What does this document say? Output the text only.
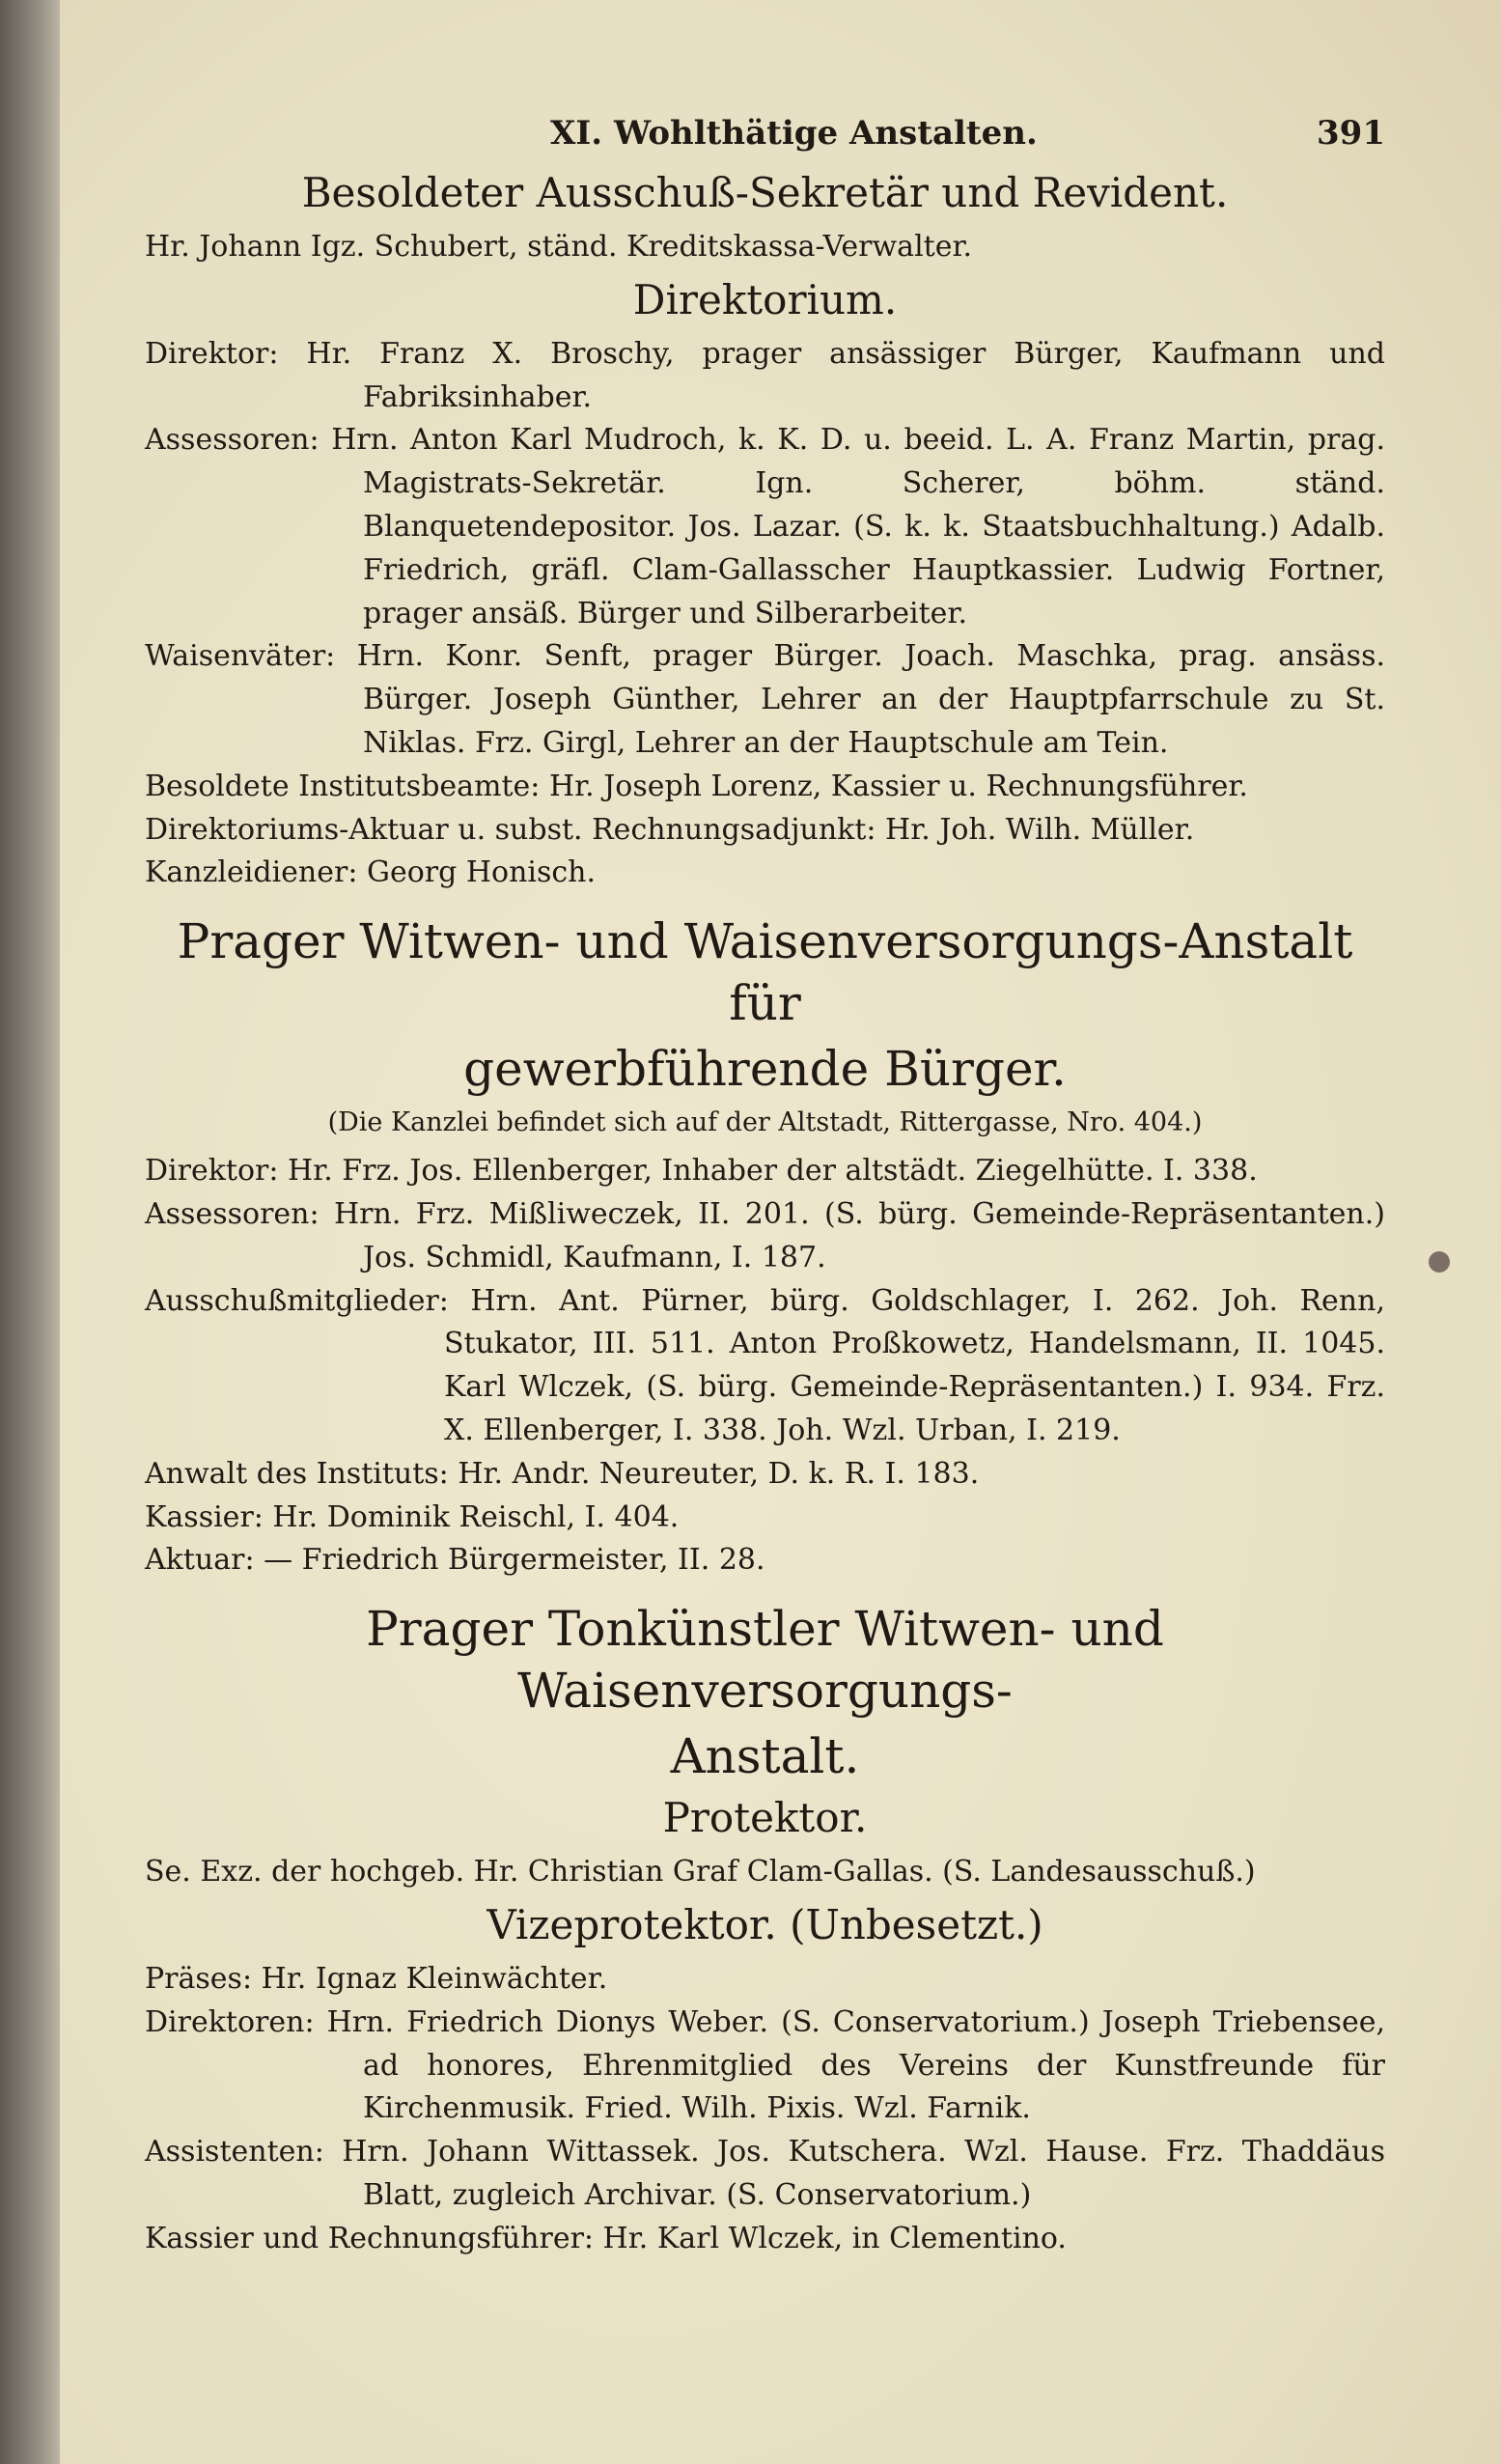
XI. Wohlthätige Anstalten.	391
Besoldeter Ausschuß-Sekretär und Revident.

Hr. Johann Igz. Schubert, ständ. Kreditskassa-Verwalter.

Direktorium.

Direktor: Hr. Franz X. Broschy, prager ansässiger Bürger, Kaufmann und Fabriksinhaber.

Assessoren: Hrn. Anton Karl Mudroch, k. K. D. u. beeid. L. A. Franz Martin, prag. Magistrats-Sekretär. Ign. Scherer, böhm. ständ. Blanquetendepositor. Jos. Lazar. (S. k. k. Staatsbuchhaltung.) Adalb. Friedrich, gräfl. Clam-Gallasscher Hauptkassier. Ludwig Fortner, prager ansäß. Bürger und Silberarbeiter.

Waisenväter: Hrn. Konr. Senft, prager Bürger. Joach. Maschka, prag. ansäss. Bürger. Joseph Günther, Lehrer an der Hauptpfarrschule zu St. Niklas. Frz. Girgl, Lehrer an der Hauptschule am Tein.

Besoldete Institutsbeamte: Hr. Joseph Lorenz, Kassier u. Rechnungsführer.

Direktoriums-Aktuar u. subst. Rechnungsadjunkt: Hr. Joh. Wilh. Müller.

Kanzleidiener: Georg Honisch.

Prager Witwen- und Waisenversorgungs-Anstalt für
gewerbführende Bürger.
(Die Kanzlei befindet sich auf der Altstadt, Rittergasse, Nro. 404.)

Direktor: Hr. Frz. Jos. Ellenberger, Inhaber der altstädt. Ziegelhütte. I. 338.

Assessoren: Hrn. Frz. Mißliweczek, II. 201. (S. bürg. Gemeinde-Repräsentanten.) Jos. Schmidl, Kaufmann, I. 187.

Ausschußmitglieder: Hrn. Ant. Pürner, bürg. Goldschlager, I. 262. Joh. Renn, Stukator, III. 511. Anton Proßkowetz, Handelsmann, II. 1045. Karl Wlczek, (S. bürg. Gemeinde-Repräsentanten.) I. 934. Frz. X. Ellenberger, I. 338. Joh. Wzl. Urban, I. 219.

Anwalt des Instituts: Hr. Andr. Neureuter, D. k. R. I. 183.

Kassier: Hr. Dominik Reischl, I. 404.

Aktuar: — Friedrich Bürgermeister, II. 28.

Prager Tonkünstler Witwen- und Waisenversorgungs-
Anstalt.
Protektor.

Se. Exz. der hochgeb. Hr. Christian Graf Clam-Gallas. (S. Landesausschuß.)

Vizeprotektor. (Unbesetzt.)

Präses: Hr. Ignaz Kleinwächter.

Direktoren: Hrn. Friedrich Dionys Weber. (S. Conservatorium.) Joseph Triebensee, ad honores, Ehrenmitglied des Vereins der Kunstfreunde für Kirchenmusik. Fried. Wilh. Pixis. Wzl. Farnik.

Assistenten: Hrn. Johann Wittassek. Jos. Kutschera. Wzl. Hause. Frz. Thaddäus Blatt, zugleich Archivar. (S. Conservatorium.)

Kassier und Rechnungsführer: Hr. Karl Wlczek, in Clementino.
